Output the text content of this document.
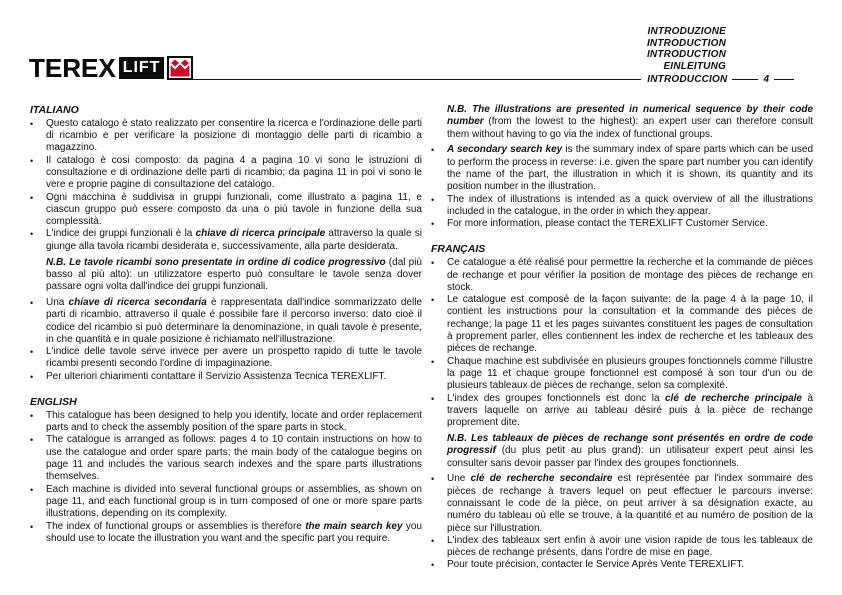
TEREX LIFT
INTRODUZIONE
INTRODUCTION
INTRODUCTION
EINLEITUNG
INTRODUCCION	4
ITALIANO
•	Questo catalogo è stato realizzato per consentire la ricerca e l'ordinazione delle parti di ricambio e per verificare la posizione di montaggio delle parti di ricambio a magazzino.
•	Il catalogo è cosi composto: da pagina 4 a pagina 10 vi sono le istruzioni di consultazione e di ordinazione delle parti di ricambio; da pagina 11 in poi vi sono le vere e proprie pagine di consultazione del catalogo.
•	Ogni macchina è suddivisa in gruppi funzionali, come illustrato a pagina 11, e ciascun gruppo può essere composto da una o più tavole in funzione della sua complessità.
•	L'indice dei gruppi funzionali è la chiave di ricerca principale attraverso la quale si giunge alla tavola ricambi desiderata e, successivamente, alla parte desiderata.
N.B. Le tavole ricambi sono presentate in ordine di codice progressivo (dal più basso al più alto): un utilizzatore esperto può consultare le tavole senza dover passare ogni volta dall'indice dei gruppi funzionali.
•	Una chiave di ricerca secondaria è rappresentata dall'indice sommarizzato delle parti di ricambio, attraverso il quale é possibile fare il percorso inverso: dato cioè il codice del ricambio si può determinare la denominazione, in quali tavole è presente, in che quantità e in quale posizione è richiamato nell'illustrazione.
•	L'indice delle tavole serve invece per avere un prospetto rapido di tutte le tavole ricambi presenti secondo l'ordine di impaginazione.
•	Per ulteriori chiarimenti contattare il Servizio Assistenza Tecnica TEREXLIFT.
ENGLISH
•	This catalogue has been designed to help you identify, locate and order replacement parts and to check the assembly position of the spare parts in stock.
•	The catalogue is arranged as follows: pages 4 to 10 contain instructions on how to use the catalogue and order spare parts; the main body of the catalogue begins on page 11 and includes the various search indexes and the spare parts illustrations themselves.
•	Each machine is divided into several functional groups or assemblies, as shown on page 11, and each functional group is in turn composed of one or more spare parts illustrations, depending on its complexity.
•	The index of functional groups or assemblies is therefore the main search key you should use to locate the illustration you want and the specific part you require.
N.B. The illustrations are presented in numerical sequence by their code number (from the lowest to the highest): an expert user can therefore consult them without having to go via the index of functional groups.
•	A secondary search key is the summary index of spare parts which can be used to perform the process in reverse: i.e. given the spare part number you can identify the name of the part, the illustration in which it is shown, its quantity and its position number in the illustration.
•	The index of illustrations is intended as a quick overview of all the illustrations included in the catalogue, in the order in which they appear.
•	For more information, please contact the TEREXLIFT Customer Service.
FRANÇAIS
•	Ce catalogue a été réalisé pour permettre la recherche et la commande de pièces de rechange et pour vérifier la position de montage des pièces de rechange en stock.
•	Le catalogue est composé de la façon suivante: de la page 4 à la page 10, il contient les instructions pour la consultation et la commande des pièces de rechange; la page 11 et les pages suivantes constituent les pages de consultation à proprement parler, elles contiennent les index de recherche et les tableaux des pièces de rechange.
•	Chaque machine est subdivisée en plusieurs groupes fonctionnels comme l'illustre la page 11 et chaque groupe fonctionnel est composé à son tour d'un ou de plusieurs tableaux de pièces de rechange, selon sa complexité.
•	L'index des groupes fonctionnels est donc la clé de recherche principale à travers laquelle on arrive au tableau désiré puis à la pièce de rechange proprement dite.
N.B. Les tableaux de pièces de rechange sont présentés en ordre de code progressif (du plus petit au plus grand): un utilisateur expert peut ainsi les consulter sans devoir passer par l'index des groupes fonctionnels.
•	Une clé de recherche secondaire est représentée par l'index sommaire des pièces de rechange à travers lequel on peut effectuer le parcours inverse: connaissant le code de la pièce, on peut arriver à sa désignation exacte, au numéro du tableau où elle se trouve, à la quantité et au numéro de position de la pièce sur l'illustration.
•	L'index des tableaux sert enfin à avoir une vision rapide de tous les tableaux de pièces de rechange présents, dans l'ordre de mise en page.
•	Pour toute précision, contacter le Service Après Vente TEREXLIFT.
